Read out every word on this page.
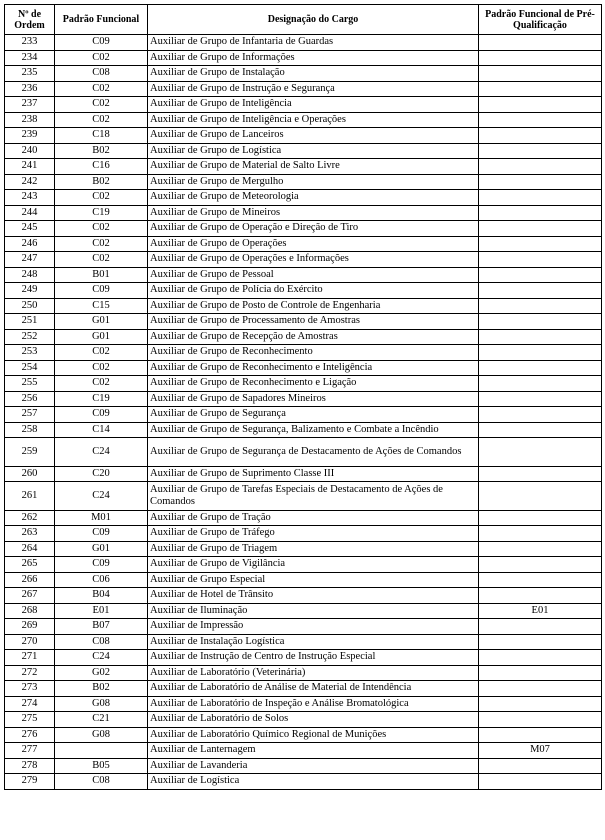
Nº de Ordem	Padrão Funcional	Designação do Cargo	Padrão Funcional de Pré-Qualificação
233	C09	Auxiliar de Grupo de Infantaria de Guardas	
234	C02	Auxiliar de Grupo de Informações	
235	C08	Auxiliar de Grupo de Instalação	
236	C02	Auxiliar de Grupo de Instrução e Segurança	
237	C02	Auxiliar de Grupo de Inteligência	
238	C02	Auxiliar de Grupo de Inteligência e Operações	
239	C18	Auxiliar de Grupo de Lanceiros	
240	B02	Auxiliar de Grupo de Logística	
241	C16	Auxiliar de Grupo de Material de Salto Livre	
242	B02	Auxiliar de Grupo de Mergulho	
243	C02	Auxiliar de Grupo de Meteorologia	
244	C19	Auxiliar de Grupo de Mineiros	
245	C02	Auxiliar de Grupo de Operação e Direção de Tiro	
246	C02	Auxiliar de Grupo de Operações	
247	C02	Auxiliar de Grupo de Operações e Informações	
248	B01	Auxiliar de Grupo de Pessoal	
249	C09	Auxiliar de Grupo de Polícia do Exército	
250	C15	Auxiliar de Grupo de Posto de Controle de Engenharia	
251	G01	Auxiliar de Grupo de Processamento de Amostras	
252	G01	Auxiliar de Grupo de Recepção de Amostras	
253	C02	Auxiliar de Grupo de Reconhecimento	
254	C02	Auxiliar de Grupo de Reconhecimento e Inteligência	
255	C02	Auxiliar de Grupo de Reconhecimento e Ligação	
256	C19	Auxiliar de Grupo de Sapadores Mineiros	
257	C09	Auxiliar de Grupo de Segurança	
258	C14	Auxiliar de Grupo de Segurança, Balizamento e Combate a Incêndio	
259	C24	Auxiliar de Grupo de Segurança de Destacamento de Ações de Comandos	
260	C20	Auxiliar de Grupo de Suprimento Classe III	
261	C24	Auxiliar de Grupo de Tarefas Especiais de Destacamento de Ações de Comandos	
262	M01	Auxiliar de Grupo de Tração	
263	C09	Auxiliar de Grupo de Tráfego	
264	G01	Auxiliar de Grupo de Triagem	
265	C09	Auxiliar de Grupo de Vigilância	
266	C06	Auxiliar de Grupo Especial	
267	B04	Auxiliar de Hotel de Trânsito	
268	E01	Auxiliar de Iluminação	E01
269	B07	Auxiliar de Impressão	
270	C08	Auxiliar de Instalação Logística	
271	C24	Auxiliar de Instrução de Centro de Instrução Especial	
272	G02	Auxiliar de Laboratório (Veterinária)	
273	B02	Auxiliar de Laboratório de Análise de Material de Intendência	
274	G08	Auxiliar de Laboratório de Inspeção e Análise Bromatológica	
275	C21	Auxiliar de Laboratório de Solos	
276	G08	Auxiliar de Laboratório Químico Regional de Munições	
277		Auxiliar de Lanternagem	M07
278	B05	Auxiliar de Lavanderia	
279	C08	Auxiliar de Logística	
